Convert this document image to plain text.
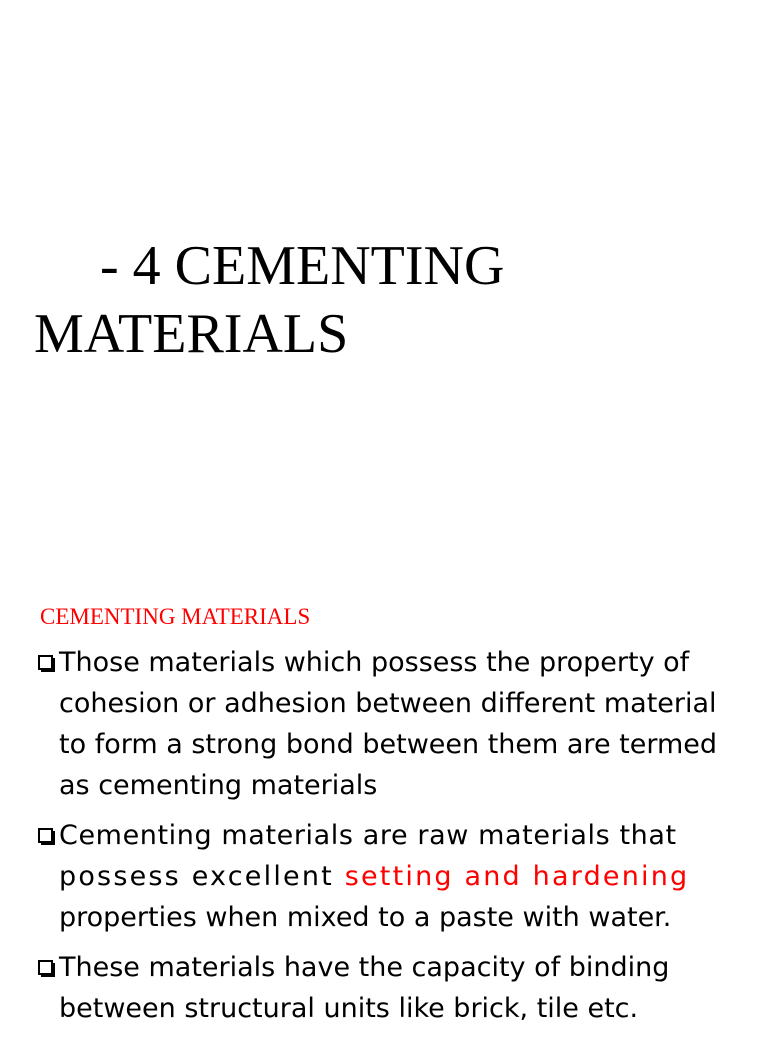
- 4 CEMENTING
MATERIALS
CEMENTING MATERIALS
Those materials which possess the property of
cohesion or adhesion between different material
to form a strong bond between them are termed
as cementing materials
Cementing materials are raw materials that
possess excellent setting and hardening
properties when mixed to a paste with water.
These materials have the capacity of binding
between structural units like brick, tile etc.
